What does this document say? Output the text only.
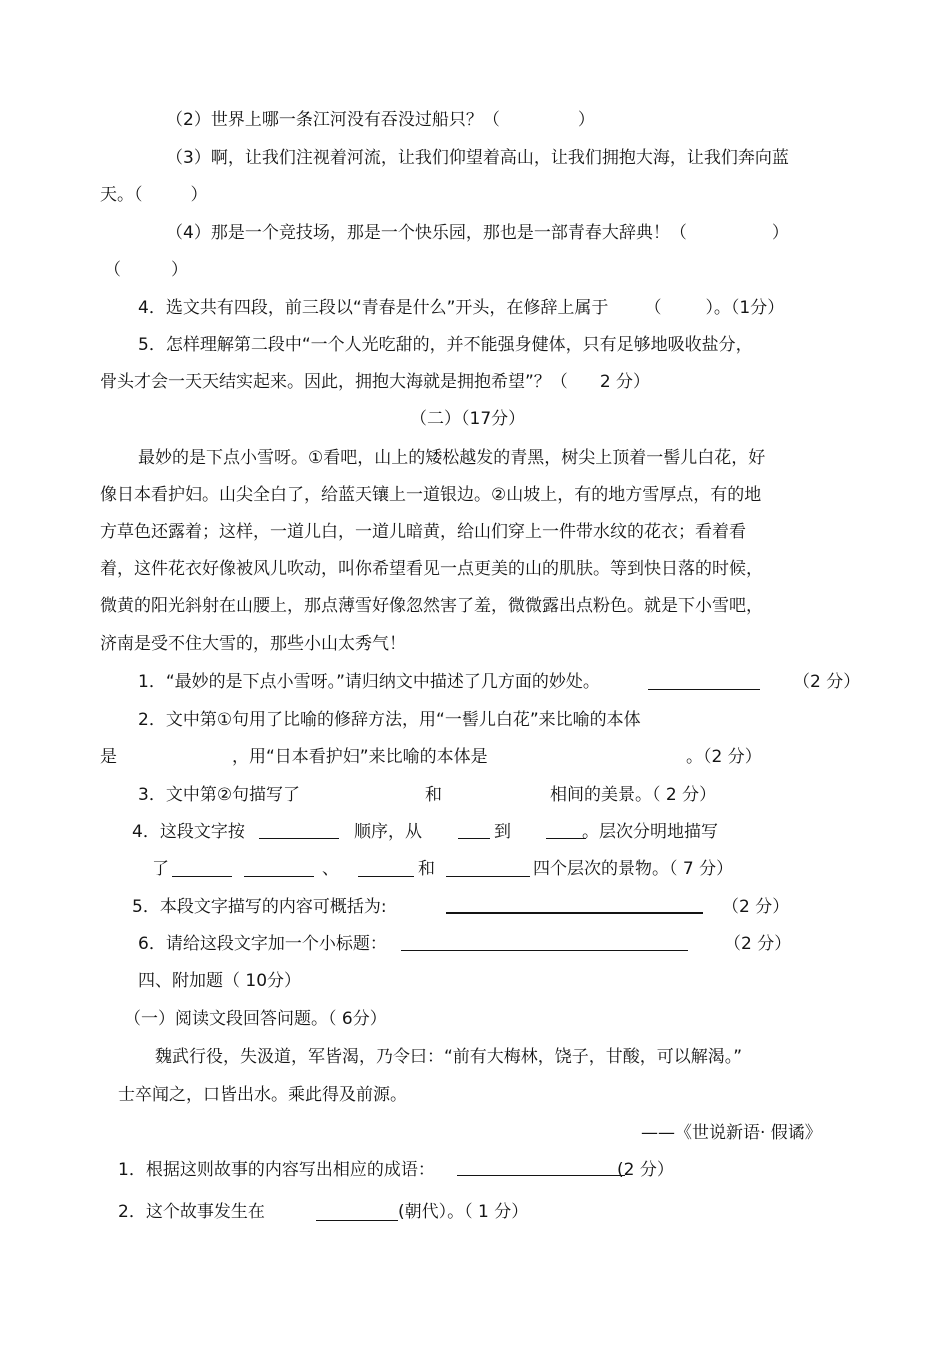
（2）世界上哪一条江河没有吞没过船只？（	）
（3）啊，让我们注视着河流，让我们仰望着高山，让我们拥抱大海，让我们奔向蓝
天。（	）
（4）那是一个竞技场，那是一个快乐园，那也是一部青春大辞典！（	）
（	）
4．选文共有四段，前三段以“青春是什么”开头，在修辞上属于 （	）。（1分）
5．怎样理解第二段中“一个人光吃甜的，并不能强身健体，只有足够地吸收盐分，
骨头才会一天天结实起来。因此，拥抱大海就是拥抱希望”？（ 2 分）
（二）（17分）
最妙的是下点小雪呀。①看吧，山上的矮松越发的青黑，树尖上顶着一髻儿白花，好
像日本看护妇。山尖全白了，给蓝天镶上一道银边。②山坡上，有的地方雪厚点，有的地
方草色还露着；这样，一道儿白，一道儿暗黄，给山们穿上一件带水纹的花衣；看着看
着，这件花衣好像被风儿吹动，叫你希望看见一点更美的山的肌肤。等到快日落的时候，
微黄的阳光斜射在山腰上，那点薄雪好像忽然害了羞，微微露出点粉色。就是下小雪吧，
济南是受不住大雪的，那些小山太秀气！
1．“最妙的是下点小雪呀。”请归纳文中描述了几方面的妙处。	（2 分）
2．文中第①句用了比喻的修辞方法，用“一髻儿白花”来比喻的本体
是	，用“日本看护妇”来比喻的本体是	。（2 分）
3．文中第②句描写了	和	相间的美景。（ 2 分）
4．这段文字按	顺序，从	到	。层次分明地描写
了	、	和	四个层次的景物。（ 7 分）
5．本段文字描写的内容可概括为:	（2 分）
6．请给这段文字加一个小标题：	（2 分）
四、附加题（ 10分）
（一）阅读文段回答问题。（ 6分）
魏武行役，失汲道，军皆渴，乃令曰：“前有大梅林，饶子，甘酸，可以解渴。”
士卒闻之，口皆出水。乘此得及前源。
——《世说新语· 假谲》
1．根据这则故事的内容写出相应的成语：	(2 分）
2．这个故事发生在	(朝代）。（ 1 分）
